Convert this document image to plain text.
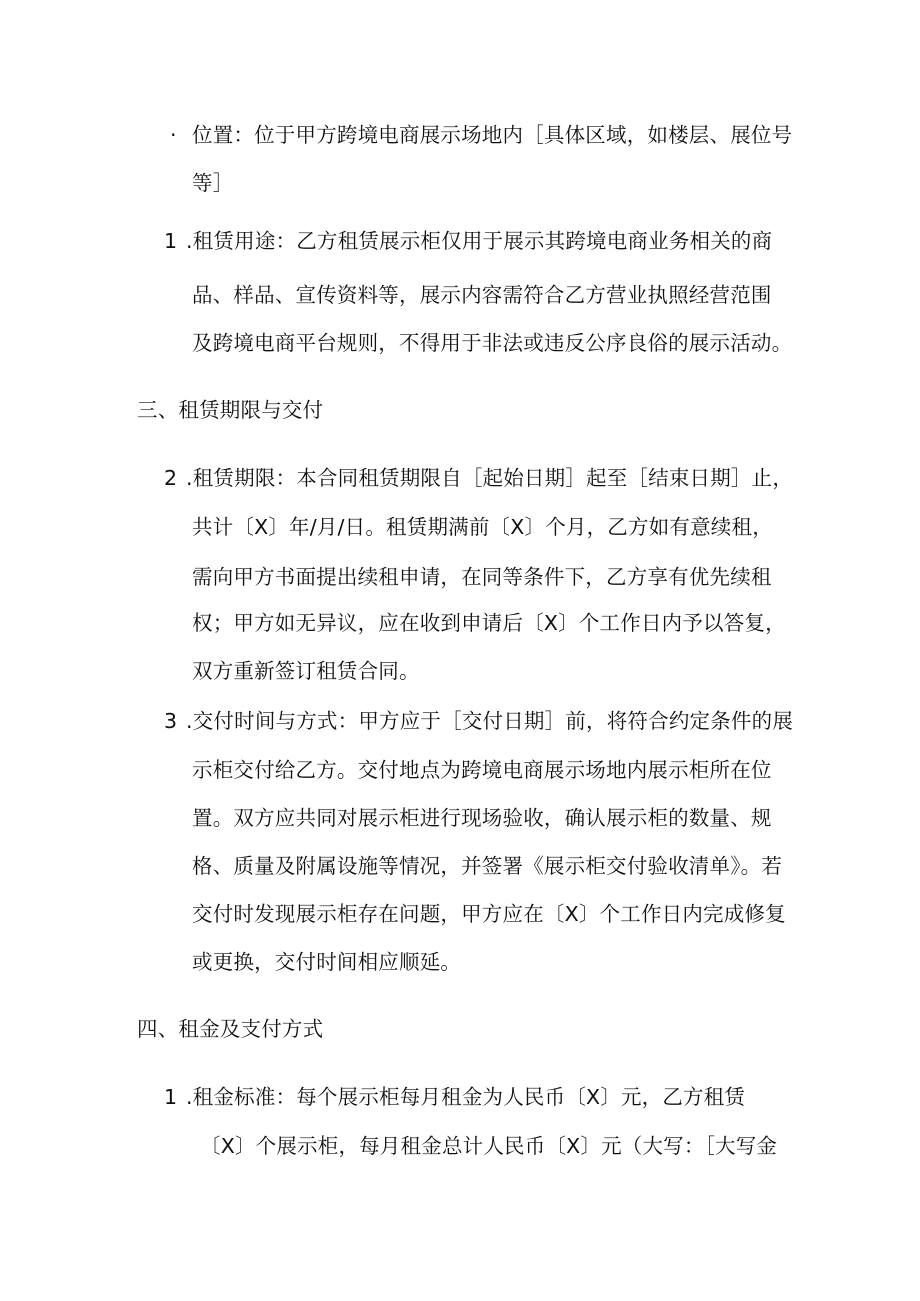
· 位置：位于甲方跨境电商展示场地内［具体区域，如楼层、展位号
等］
1 .租赁用途：乙方租赁展示柜仅用于展示其跨境电商业务相关的商
品、样品、宣传资料等，展示内容需符合乙方营业执照经营范围
及跨境电商平台规则，不得用于非法或违反公序良俗的展示活动。
三、租赁期限与交付
2 .租赁期限：本合同租赁期限自［起始日期］起至［结束日期］止，
共计〔X〕年/月/日。租赁期满前〔X〕个月，乙方如有意续租，
需向甲方书面提出续租申请，在同等条件下，乙方享有优先续租
权；甲方如无异议，应在收到申请后〔X〕个工作日内予以答复，
双方重新签订租赁合同。
3 .交付时间与方式：甲方应于［交付日期］前，将符合约定条件的展
示柜交付给乙方。交付地点为跨境电商展示场地内展示柜所在位
置。双方应共同对展示柜进行现场验收，确认展示柜的数量、规
格、质量及附属设施等情况，并签署《展示柜交付验收清单》。若
交付时发现展示柜存在问题，甲方应在〔X〕个工作日内完成修复
或更换，交付时间相应顺延。
四、租金及支付方式
1 .租金标准：每个展示柜每月租金为人民币〔X〕元，乙方租赁
〔X〕个展示柜，每月租金总计人民币〔X〕元（大写：［大写金
